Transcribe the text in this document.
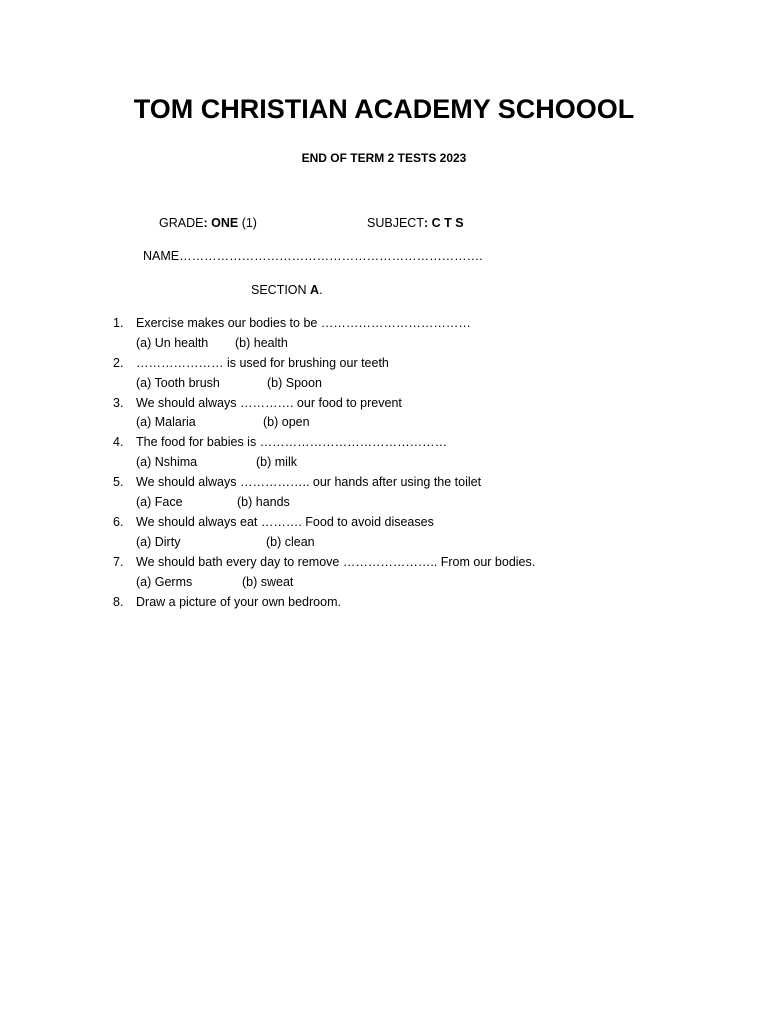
TOM CHRISTIAN ACADEMY SCHOOOL
END OF TERM 2 TESTS 2023
GRADE: ONE (1)	SUBJECT: C T S
NAME……………………………………………………………….
SECTION A.
1. Exercise makes our bodies to be ………………………………
(a) Un health (b) health
2. ………………… is used for brushing our teeth
(a) Tooth brush	(b) Spoon
3. We should always …………. our food to prevent
(a) Malaria	(b) open
4. The food for babies is ………………………………………
(a) Nshima	(b) milk
5. We should always …………….. our hands after using the toilet
(a) Face	(b) hands
6. We should always eat ………. Food to avoid diseases
(a) Dirty	(b) clean
7. We should bath every day to remove ………………….. From our bodies.
(a) Germs	(b) sweat
8. Draw a picture of your own bedroom.
